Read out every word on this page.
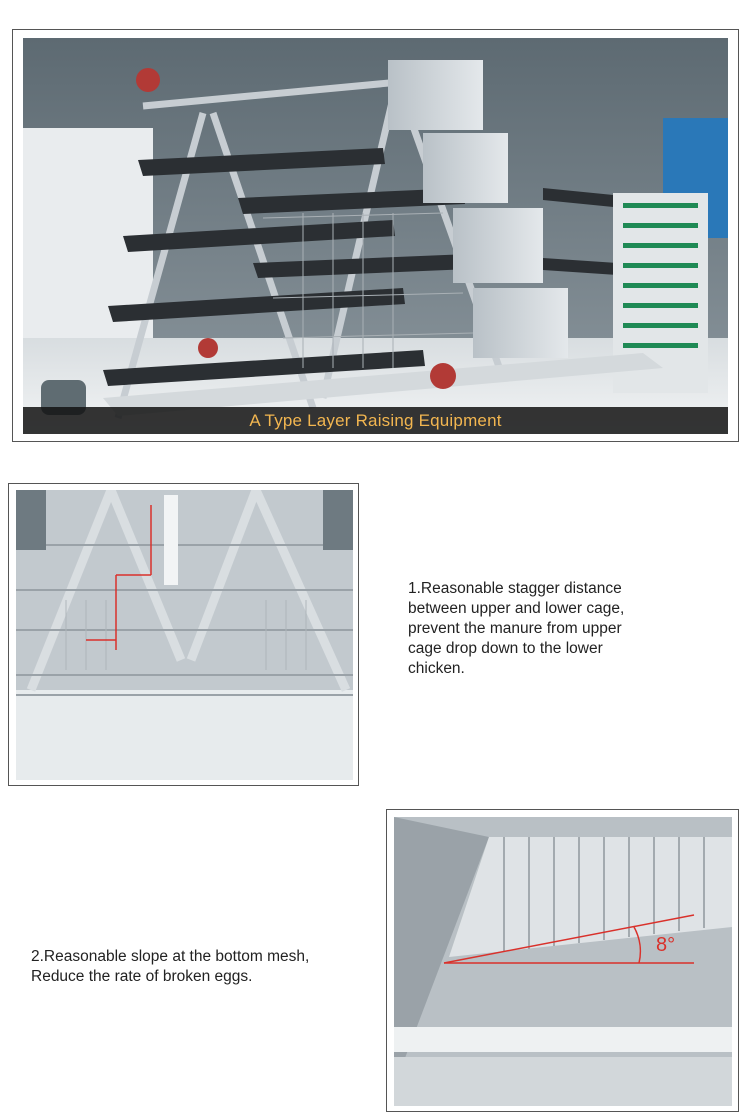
A Type Layer Raising Equipment

1.Reasonable stagger distance
between upper and lower cage,
prevent the manure from upper
cage drop down to the lower
chicken.

2.Reasonable slope at the bottom mesh,
Reduce the rate of broken eggs.

8°
